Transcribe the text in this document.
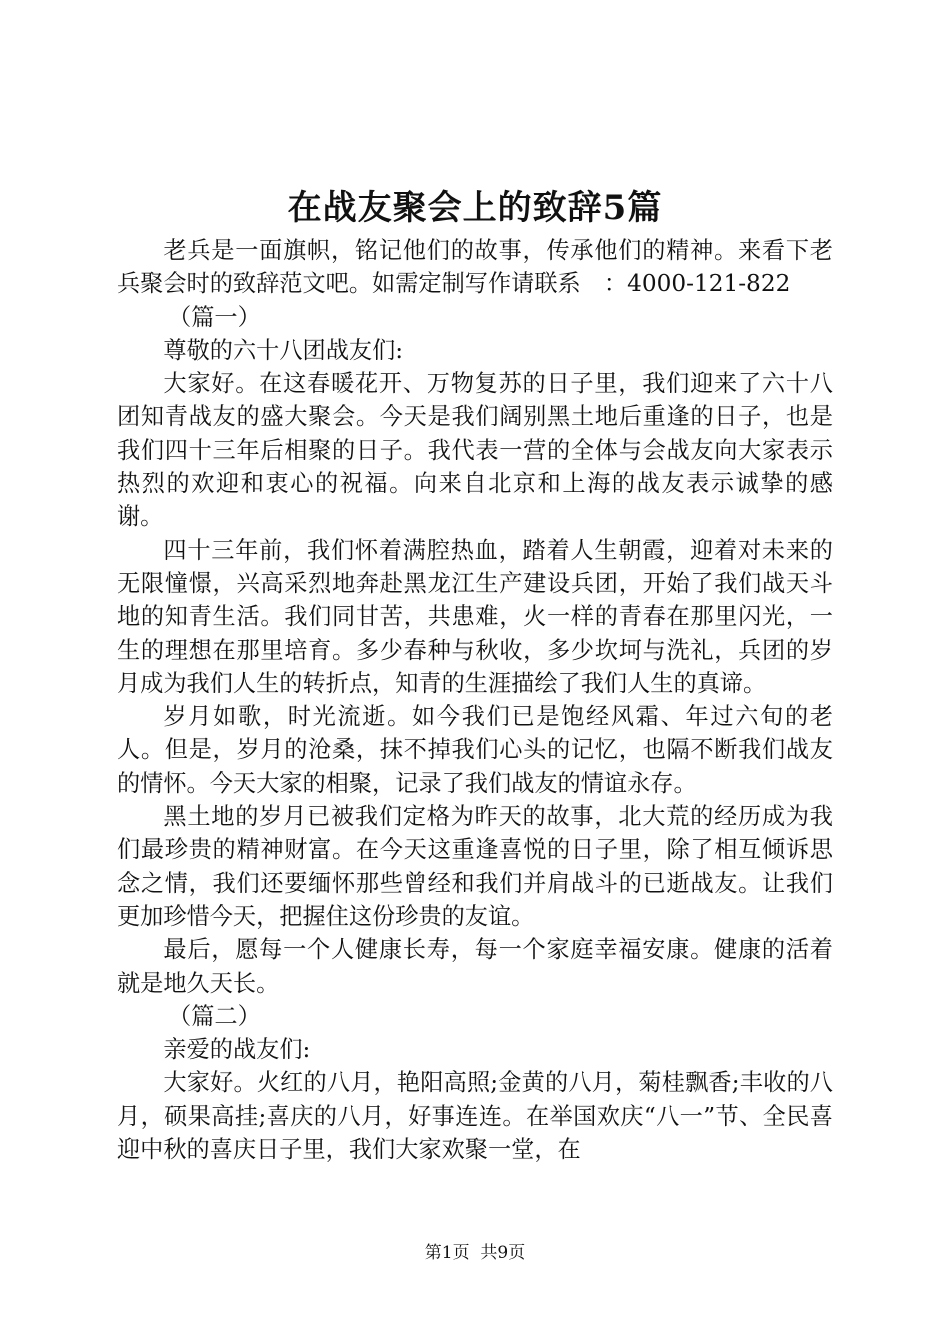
在战友聚会上的致辞5篇

老兵是一面旗帜，铭记他们的故事，传承他们的精神。来看下老兵聚会时的致辞范文吧。如需定制写作请联系　：4000-121-822

（篇一）

尊敬的六十八团战友们:

大家好。在这春暖花开、万物复苏的日子里，我们迎来了六十八团知青战友的盛大聚会。今天是我们阔别黑土地后重逢的日子，也是我们四十三年后相聚的日子。我代表一营的全体与会战友向大家表示热烈的欢迎和衷心的祝福。向来自北京和上海的战友表示诚挚的感谢。

四十三年前，我们怀着满腔热血，踏着人生朝霞，迎着对未来的无限憧憬，兴高采烈地奔赴黑龙江生产建设兵团，开始了我们战天斗地的知青生活。我们同甘苦，共患难，火一样的青春在那里闪光，一生的理想在那里培育。多少春种与秋收，多少坎坷与洗礼，兵团的岁月成为我们人生的转折点，知青的生涯描绘了我们人生的真谛。

岁月如歌，时光流逝。如今我们已是饱经风霜、年过六旬的老人。但是，岁月的沧桑，抹不掉我们心头的记忆，也隔不断我们战友的情怀。今天大家的相聚，记录了我们战友的情谊永存。

黑土地的岁月已被我们定格为昨天的故事，北大荒的经历成为我们最珍贵的精神财富。在今天这重逢喜悦的日子里，除了相互倾诉思念之情，我们还要缅怀那些曾经和我们并肩战斗的已逝战友。让我们更加珍惜今天，把握住这份珍贵的友谊。

最后，愿每一个人健康长寿，每一个家庭幸福安康。健康的活着就是地久天长。

（篇二）

亲爱的战友们:

大家好。火红的八月，艳阳高照;金黄的八月，菊桂飘香;丰收的八月，硕果高挂;喜庆的八月，好事连连。在举国欢庆“八一”节、全民喜迎中秋的喜庆日子里，我们大家欢聚一堂，在

第1页 共9页
